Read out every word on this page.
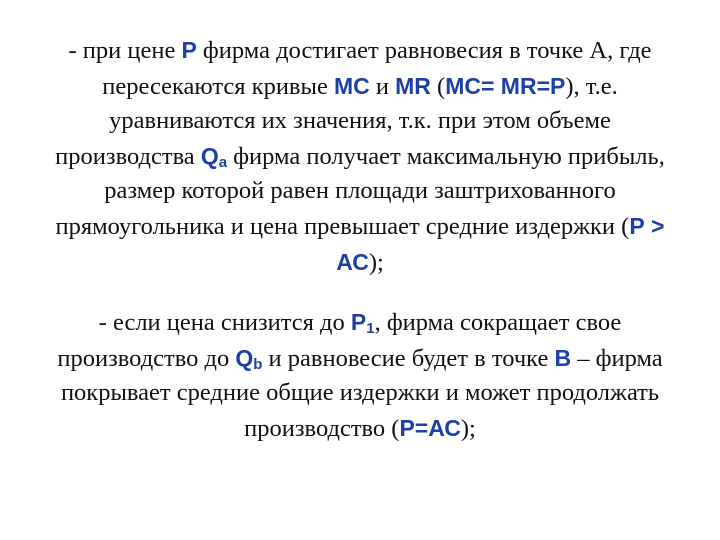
- при цене Р фирма достигает равновесия в точке А, где пересекаются кривые МС и MR (МС= MR=Р), т.е. уравниваются их значения, т.к. при этом объеме производства $Q_a$ фирма получает максимальную прибыль, размер которой равен площади заштрихованного прямоугольника и цена превышает средние издержки (Р > АС);

- если цена снизится до $Р_1$, фирма сокращает свое производство до $Q_b$ и равновесие будет в точке В – фирма покрывает средние общие издержки и может продолжать производство (Р=АС);
